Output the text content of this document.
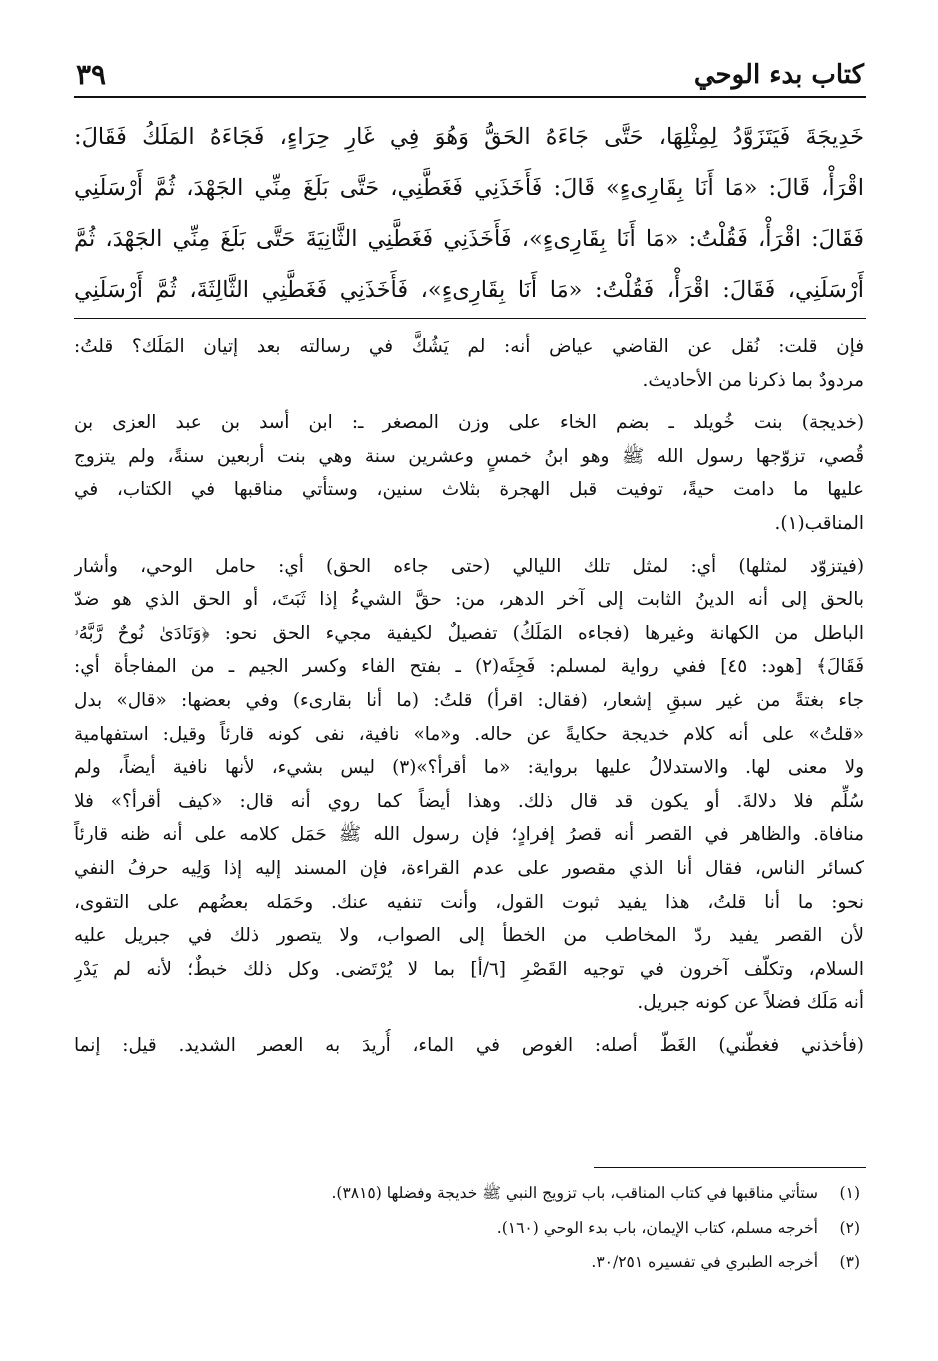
كتاب بدء الوحي
٣٩
خَدِيجَةَ فَيَتَزَوَّدُ لِمِثْلِهَا، حَتَّى جَاءَهُ الحَقُّ وَهُوَ فِي غَارِ حِرَاءٍ، فَجَاءَهُ المَلَكُ فَقَالَ:
اقْرَأْ، قَالَ: «مَا أَنَا بِقَارِىءٍ» قَالَ: فَأَخَذَنِي فَغَطَّنِي، حَتَّى بَلَغَ مِنِّي الجَهْدَ، ثُمَّ أَرْسَلَنِي
فَقَالَ: اقْرَأْ، فَقُلْتُ: «مَا أَنَا بِقَارِىءٍ»، فَأَخَذَنِي فَغَطَّنِي الثَّانِيَةَ حَتَّى بَلَغَ مِنِّي الجَهْدَ، ثُمَّ
أَرْسَلَنِي، فَقَالَ: اقْرَأْ، فَقُلْتُ: «مَا أَنَا بِقَارِىءٍ»، فَأَخَذَنِي فَغَطَّنِي الثَّالِثَةَ، ثُمَّ أَرْسَلَنِي

فإن قلت: نُقل عن القاضي عياض أنه: لم يَشُكَّ في رسالته بعد إتيان المَلَك؟ قلتُ:
مردودٌ بما ذكرنا من الأحاديث.

(خديجة) بنت خُويلد ـ بضم الخاء على وزن المصغر ـ: ابن أسد بن عبد العزى بن
قُصي، تزوّجها رسول الله ﷺ وهو ابنُ خمسٍ وعشرين سنة وهي بنت أربعين سنةً، ولم يتزوج
عليها ما دامت حيةً، توفيت قبل الهجرة بثلاث سنين، وستأتي مناقبها في الكتاب، في
المناقب(١).

(فيتزوّد لمثلها) أي: لمثل تلك الليالي (حتى جاءه الحق) أي: حامل الوحي، وأشار
بالحق إلى أنه الدينُ الثابت إلى آخر الدهر، من: حقَّ الشيءُ إذا ثَبَتَ، أو الحق الذي هو ضدّ
الباطل من الكهانة وغيرها (فجاءه المَلَكُ) تفصيلٌ لكيفية مجيء الحق نحو: ﴿وَنَادَىٰ نُوحٌ رَّبَّهُۥ
فَقَالَ﴾ [هود: ٤٥] ففي رواية لمسلم: فَجِئَه(٢) ـ بفتح الفاء وكسر الجيم ـ من المفاجأة أي:
جاء بغتةً من غير سبقِ إشعار، (فقال: اقرأ) قلتُ: (ما أنا بقارىء) وفي بعضها: «قال» بدل
«قلتُ» على أنه كلام خديجة حكايةً عن حاله. و«ما» نافية، نفى كونه قارئاً وقيل: استفهامية
ولا معنى لها. والاستدلالُ عليها برواية: «ما أقرأ؟»(٣) ليس بشيء، لأنها نافية أيضاً، ولم
سُلِّم فلا دلالةَ. أو يكون قد قال ذلك. وهذا أيضاً كما روي أنه قال: «كيف أقرأ؟» فلا
منافاة. والظاهر في القصر أنه قصرُ إفرادٍ؛ فإن رسول الله ﷺ حَمَل كلامه على أنه ظنه قارئاً
كسائر الناس، فقال أنا الذي مقصور على عدم القراءة، فإن المسند إليه إذا وَلِيه حرفُ النفي
نحو: ما أنا قلتُ، هذا يفيد ثبوت القول، وأنت تنفيه عنك. وحَمَله بعضُهم على التقوى،
لأن القصر يفيد ردّ المخاطب من الخطأ إلى الصواب، ولا يتصور ذلك في جبريل عليه
السلام، وتكلّف آخرون في توجيه القَصْرِ [٦/أ] بما لا يُرْتَضى. وكل ذلك خبطٌ؛ لأنه لم يَدْرِ
أنه مَلَك فضلاً عن كونه جبريل.

(فأخذني فغطّني) الغَطّ أصله: الغوص في الماء، أُريدَ به العصر الشديد. قيل: إنما

(١)ستأتي مناقبها في كتاب المناقب، باب تزويج النبي ﷺ خديجة وفضلها (٣٨١٥).
(٢)أخرجه مسلم، كتاب الإيمان، باب بدء الوحي (١٦٠).
(٣)أخرجه الطبري في تفسيره ٣٠/٢٥١.
